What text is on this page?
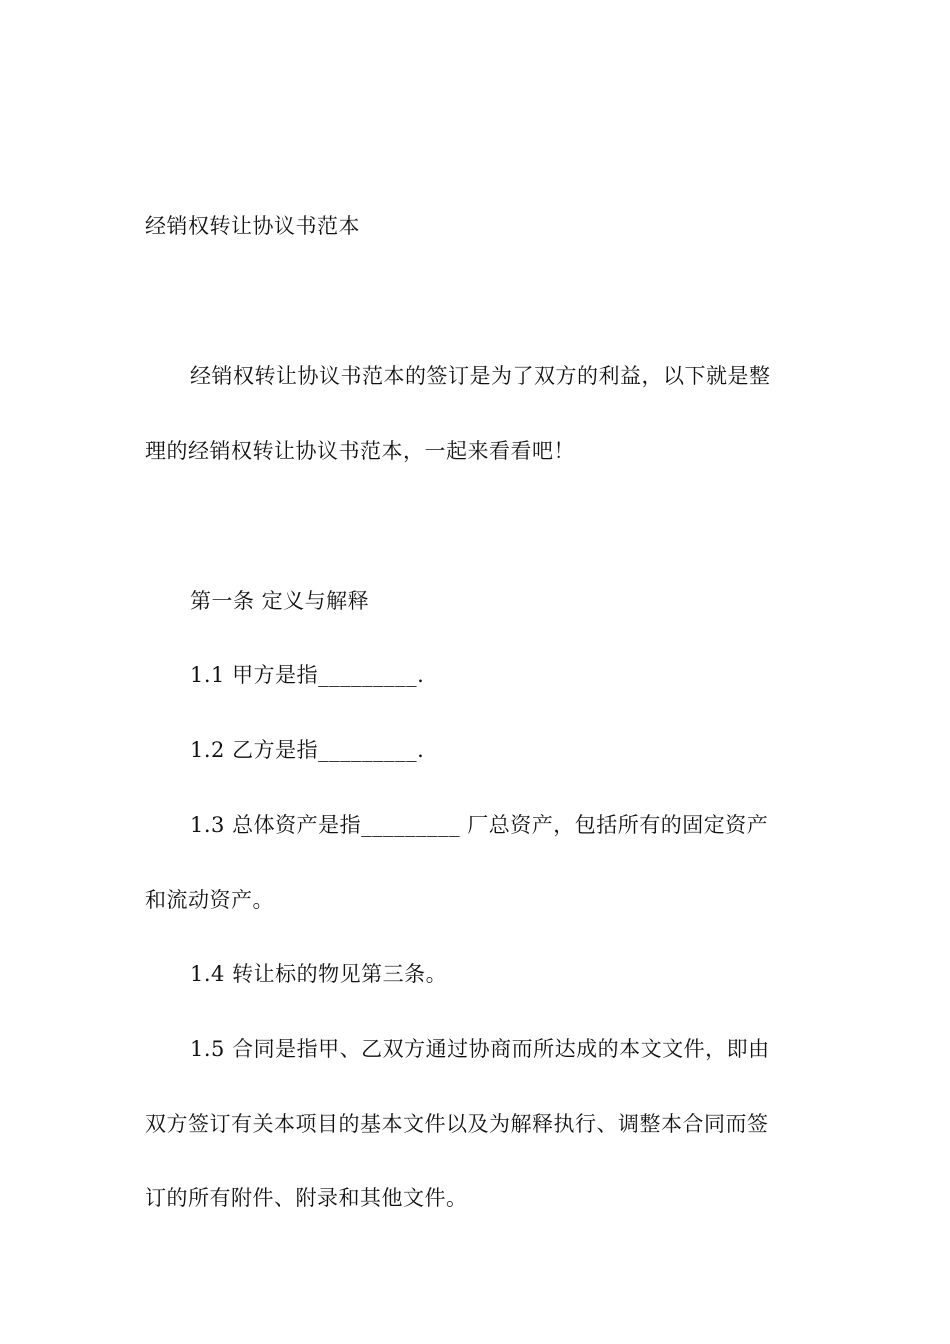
经销权转让协议书范本
经销权转让协议书范本的签订是为了双方的利益，以下就是整
理的经销权转让协议书范本，一起来看看吧！
第一条 定义与解释
1.1 甲方是指_________.
1.2 乙方是指_________.
1.3 总体资产是指_________ 厂总资产，包括所有的固定资产
和流动资产。
1.4 转让标的物见第三条。
1.5 合同是指甲、乙双方通过协商而所达成的本文文件，即由
双方签订有关本项目的基本文件以及为解释执行、调整本合同而签
订的所有附件、附录和其他文件。
